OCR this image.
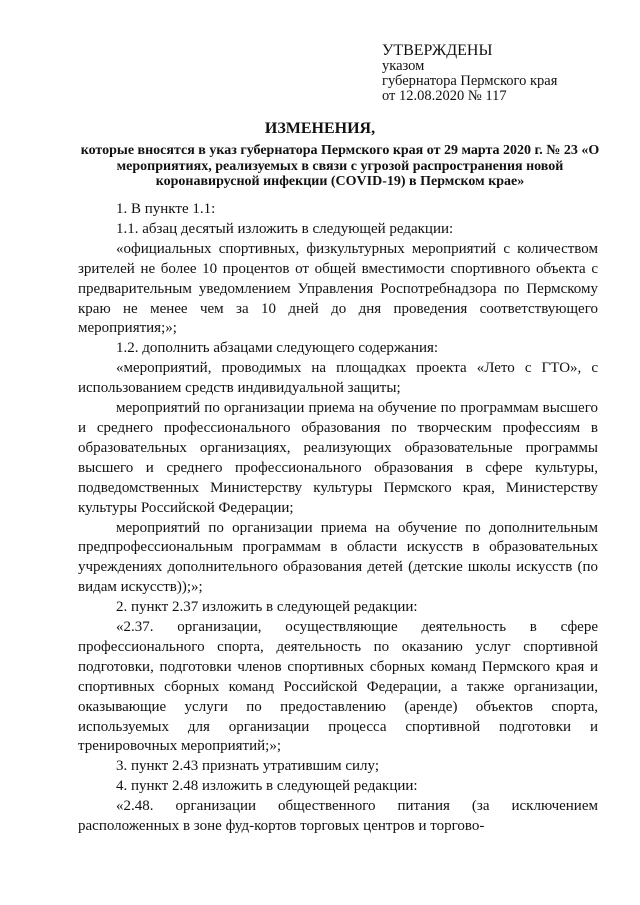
УТВЕРЖДЕНЫ
указом
губернатора Пермского края
от 12.08.2020 № 117
ИЗМЕНЕНИЯ,
которые вносятся в указ губернатора Пермского края от 29 марта 2020 г. № 23 «О мероприятиях, реализуемых в связи с угрозой распространения новой коронавирусной инфекции (COVID-19) в Пермском крае»

1. В пункте 1.1:

1.1. абзац десятый изложить в следующей редакции:

«официальных спортивных, физкультурных мероприятий с количеством зрителей не более 10 процентов от общей вместимости спортивного объекта с предварительным уведомлением Управления Роспотребнадзора по Пермскому краю не менее чем за 10 дней до дня проведения соответствующего мероприятия;»;

1.2. дополнить абзацами следующего содержания:

«мероприятий, проводимых на площадках проекта «Лето с ГТО», с использованием средств индивидуальной защиты;

мероприятий по организации приема на обучение по программам высшего и среднего профессионального образования по творческим профессиям в образовательных организациях, реализующих образовательные программы высшего и среднего профессионального образования в сфере культуры, подведомственных Министерству культуры Пермского края, Министерству культуры Российской Федерации;

мероприятий по организации приема на обучение по дополнительным предпрофессиональным программам в области искусств в образовательных учреждениях дополнительного образования детей (детские школы искусств (по видам искусств));»;

2. пункт 2.37 изложить в следующей редакции:

«2.37. организации, осуществляющие деятельность в сфере профессионального спорта, деятельность по оказанию услуг спортивной подготовки, подготовки членов спортивных сборных команд Пермского края и спортивных сборных команд Российской Федерации, а также организации, оказывающие услуги по предоставлению (аренде) объектов спорта, используемых для организации процесса спортивной подготовки и тренировочных мероприятий;»;

3. пункт 2.43 признать утратившим силу;

4. пункт 2.48 изложить в следующей редакции:

«2.48. организации общественного питания (за исключением расположенных в зоне фуд-кортов торговых центров и торгово-
